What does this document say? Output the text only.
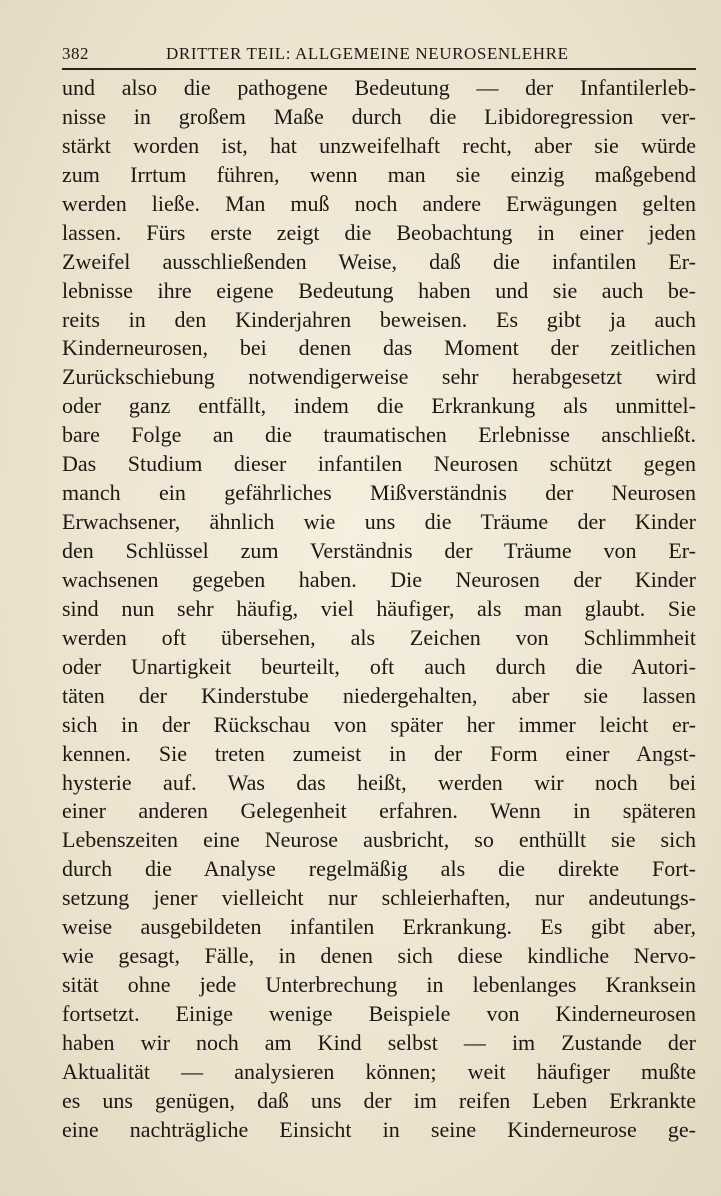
382	DRITTER TEIL: ALLGEMEINE NEUROSENLEHRE
und also die pathogene Bedeutung — der Infantilerleb-
nisse in großem Maße durch die Libidoregression ver-
stärkt worden ist, hat unzweifelhaft recht, aber sie würde
zum Irrtum führen, wenn man sie einzig maßgebend
werden ließe. Man muß noch andere Erwägungen gelten
lassen. Fürs erste zeigt die Beobachtung in einer jeden
Zweifel ausschließenden Weise, daß die infantilen Er-
lebnisse ihre eigene Bedeutung haben und sie auch be-
reits in den Kinderjahren beweisen. Es gibt ja auch
Kinderneurosen, bei denen das Moment der zeitlichen
Zurückschiebung notwendigerweise sehr herabgesetzt wird
oder ganz entfällt, indem die Erkrankung als unmittel-
bare Folge an die traumatischen Erlebnisse anschließt.
Das Studium dieser infantilen Neurosen schützt gegen
manch ein gefährliches Mißverständnis der Neurosen
Erwachsener, ähnlich wie uns die Träume der Kinder
den Schlüssel zum Verständnis der Träume von Er-
wachsenen gegeben haben. Die Neurosen der Kinder
sind nun sehr häufig, viel häufiger, als man glaubt. Sie
werden oft übersehen, als Zeichen von Schlimmheit
oder Unartigkeit beurteilt, oft auch durch die Autori-
täten der Kinderstube niedergehalten, aber sie lassen
sich in der Rückschau von später her immer leicht er-
kennen. Sie treten zumeist in der Form einer Angst-
hysterie auf. Was das heißt, werden wir noch bei
einer anderen Gelegenheit erfahren. Wenn in späteren
Lebenszeiten eine Neurose ausbricht, so enthüllt sie sich
durch die Analyse regelmäßig als die direkte Fort-
setzung jener vielleicht nur schleierhaften, nur andeutungs-
weise ausgebildeten infantilen Erkrankung. Es gibt aber,
wie gesagt, Fälle, in denen sich diese kindliche Nervo-
sität ohne jede Unterbrechung in lebenlanges Kranksein
fortsetzt. Einige wenige Beispiele von Kinderneurosen
haben wir noch am Kind selbst — im Zustande der
Aktualität — analysieren können; weit häufiger mußte
es uns genügen, daß uns der im reifen Leben Erkrankte
eine nachträgliche Einsicht in seine Kinderneurose ge-
